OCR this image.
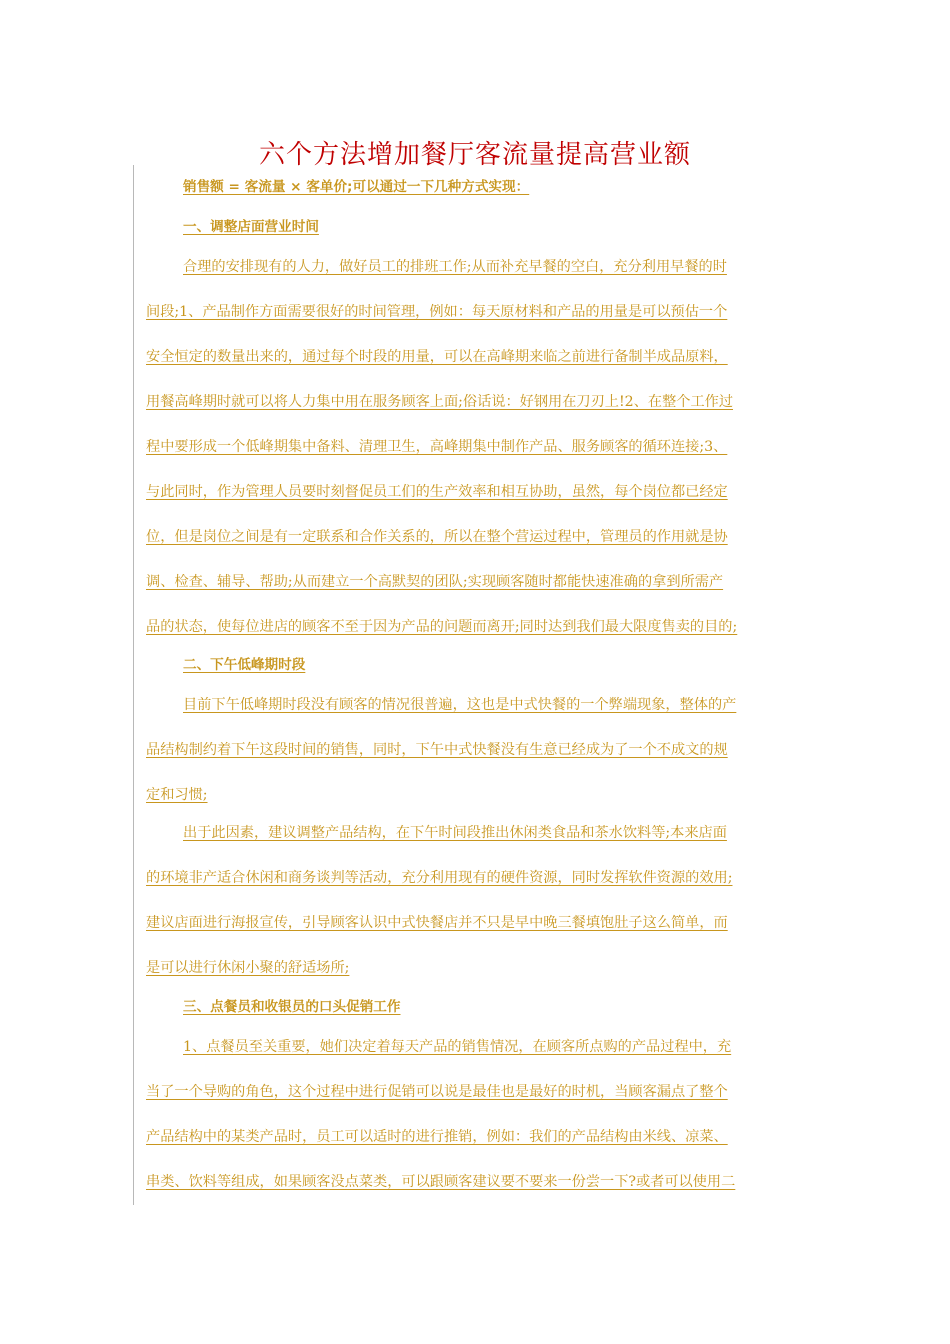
六个方法增加餐厅客流量提高营业额
销售额 = 客流量 × 客单价;可以通过一下几种方式实现：
一、调整店面营业时间
合理的安排现有的人力，做好员工的排班工作;从而补充早餐的空白，充分利用早餐的时
间段;1、产品制作方面需要很好的时间管理，例如：每天原材料和产品的用量是可以预估一个
安全恒定的数量出来的，通过每个时段的用量，可以在高峰期来临之前进行备制半成品原料，
用餐高峰期时就可以将人力集中用在服务顾客上面;俗话说：好钢用在刀刃上!2、在整个工作过
程中要形成一个低峰期集中备料、清理卫生，高峰期集中制作产品、服务顾客的循环连接;3、
与此同时，作为管理人员要时刻督促员工们的生产效率和相互协助，虽然，每个岗位都已经定
位，但是岗位之间是有一定联系和合作关系的，所以在整个营运过程中，管理员的作用就是协
调、检查、辅导、帮助;从而建立一个高默契的团队;实现顾客随时都能快速准确的拿到所需产
品的状态，使每位进店的顾客不至于因为产品的问题而离开;同时达到我们最大限度售卖的目的;
二、下午低峰期时段
目前下午低峰期时段没有顾客的情况很普遍，这也是中式快餐的一个弊端现象，整体的产
品结构制约着下午这段时间的销售，同时，下午中式快餐没有生意已经成为了一个不成文的规
定和习惯;
出于此因素，建议调整产品结构，在下午时间段推出休闲类食品和茶水饮料等;本来店面
的环境非产适合休闲和商务谈判等活动，充分利用现有的硬件资源，同时发挥软件资源的效用;
建议店面进行海报宣传，引导顾客认识中式快餐店并不只是早中晚三餐填饱肚子这么简单，而
是可以进行休闲小聚的舒适场所;
三、点餐员和收银员的口头促销工作
1、点餐员至关重要，她们决定着每天产品的销售情况，在顾客所点购的产品过程中，充
当了一个导购的角色，这个过程中进行促销可以说是最佳也是最好的时机，当顾客漏点了整个
产品结构中的某类产品时，员工可以适时的进行推销，例如：我们的产品结构由米线、凉菜、
串类、饮料等组成，如果顾客没点菜类，可以跟顾客建议要不要来一份尝一下?或者可以使用二
